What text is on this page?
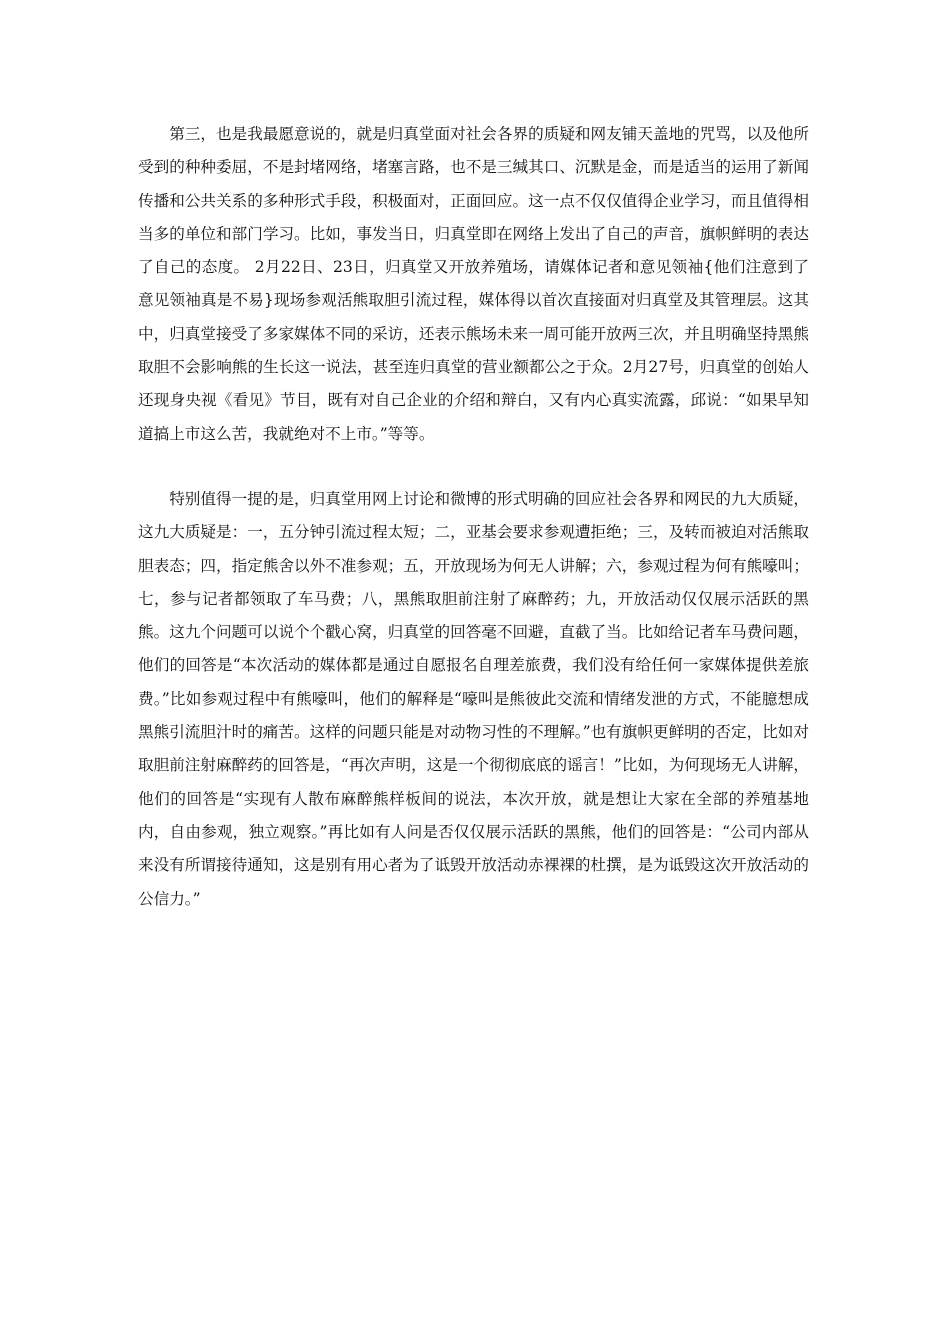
第三，也是我最愿意说的，就是归真堂面对社会各界的质疑和网友铺天盖地的咒骂，以及他所受到的种种委屈，不是封堵网络，堵塞言路，也不是三缄其口、沉默是金，而是适当的运用了新闻传播和公共关系的多种形式手段，积极面对，正面回应。这一点不仅仅值得企业学习，而且值得相当多的单位和部门学习。比如，事发当日，归真堂即在网络上发出了自己的声音，旗帜鲜明的表达了自己的态度。 2月22日、23日，归真堂又开放养殖场，请媒体记者和意见领袖{他们注意到了意见领袖真是不易}现场参观活熊取胆引流过程，媒体得以首次直接面对归真堂及其管理层。这其中，归真堂接受了多家媒体不同的采访，还表示熊场未来一周可能开放两三次，并且明确坚持黑熊取胆不会影响熊的生长这一说法，甚至连归真堂的营业额都公之于众。2月27号，归真堂的创始人还现身央视《看见》节目，既有对自己企业的介绍和辩白，又有内心真实流露，邱说：“如果早知道搞上市这么苦，我就绝对不上市。”等等。

特别值得一提的是，归真堂用网上讨论和微博的形式明确的回应社会各界和网民的九大质疑，这九大质疑是：一，五分钟引流过程太短；二，亚基会要求参观遭拒绝；三，及转而被迫对活熊取胆表态；四，指定熊舍以外不准参观；五，开放现场为何无人讲解；六，参观过程为何有熊嚎叫；七，参与记者都领取了车马费；八，黑熊取胆前注射了麻醉药；九，开放活动仅仅展示活跃的黑熊。这九个问题可以说个个戳心窝，归真堂的回答毫不回避，直截了当。比如给记者车马费问题，他们的回答是“本次活动的媒体都是通过自愿报名自理差旅费，我们没有给任何一家媒体提供差旅费。”比如参观过程中有熊嚎叫，他们的解释是“嚎叫是熊彼此交流和情绪发泄的方式，不能臆想成黑熊引流胆汁时的痛苦。这样的问题只能是对动物习性的不理解。”也有旗帜更鲜明的否定，比如对取胆前注射麻醉药的回答是，“再次声明，这是一个彻彻底底的谣言！”比如，为何现场无人讲解，他们的回答是“实现有人散布麻醉熊样板间的说法，本次开放，就是想让大家在全部的养殖基地内，自由参观，独立观察。”再比如有人问是否仅仅展示活跃的黑熊，他们的回答是：“公司内部从来没有所谓接待通知，这是别有用心者为了诋毁开放活动赤裸裸的杜撰，是为诋毁这次开放活动的公信力。”
